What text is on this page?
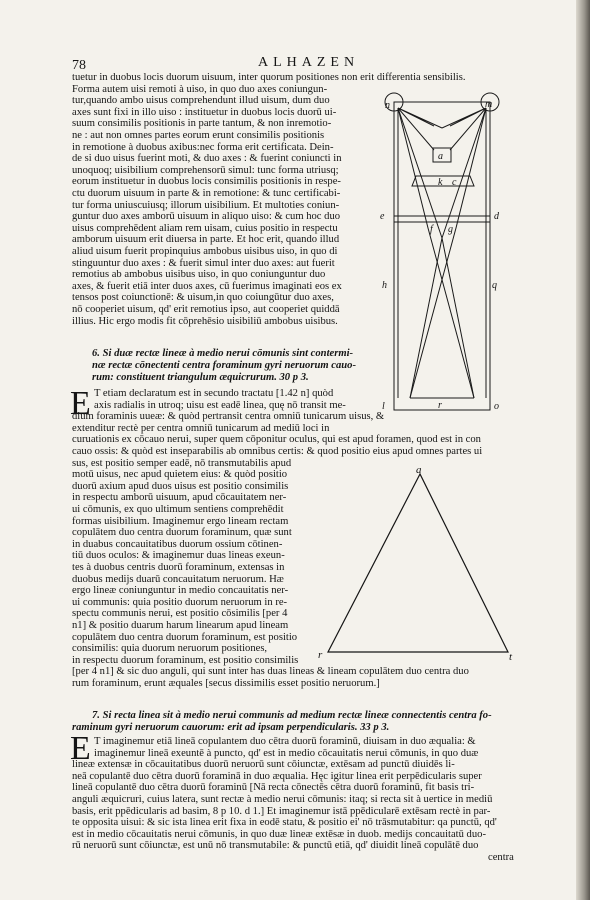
78	ALHAZEN
tuetur in duobus locis duorum uisuum, inter quorum positiones non erit differentia sensibilis.
Forma autem uisi remoti à uiso, in quo duo axes coniungun-
tur,quando ambo uisus comprehendunt illud uisum, dum duo
axes sunt fixi in illo uiso : instituetur in duobus locis duorū ui-
suum consimilis positionis in parte tantum, & non inremotio-
ne : aut non omnes partes eorum erunt consimilis positionis
in remotione à duobus axibus:nec forma erit certificata. Dein-
de si duo uisus fuerint moti, & duo axes : & fuerint coniuncti in
unoquoq; uisibilium comprehensorū simul: tunc forma utriusq;
eorum instituetur in duobus locis consimilis positionis in respe-
ctu duorum uisuum in parte & in remotione: & tunc certificabi-
tur forma uniuscuiusq; illorum uisibilium. Et multoties coniun-
guntur duo axes amborū uisuum in aliquo uiso: & cum hoc duo
uisus comprehēdent aliam rem uisam, cuius positio in respectu
amborum uisuum erit diuersa in parte. Et hoc erit, quando illud
aliud uisum fuerit propinquius ambobus uisibus uiso, in quo di
stinguuntur duo axes : & fuerit simul inter duo axes: aut fuerit
remotius ab ambobus uisibus uiso, in quo coniunguntur duo
axes, & fuerit etiā inter duos axes, cū fuerimus imaginati eos ex
tensos post coiunctionē: & uisum,in quo coiungūtur duo axes,
nō cooperiet uisum, qd' erit remotius ipso, aut cooperiet quiddā
illius. Hic ergo modis fit cōprehēsio uisibiliū ambobus uisibus.
6. Si duæ rectæ lineæ à medio nerui cōmunis sint contermi-
næ rectæ cōnectenti centra foraminum gyri neruorum cauo-
rum: constituent triangulum æquicrurum. 30 p 3.
E T etiam declaratum est in secundo tractatu [1.42 n] quòd
axis radialis in utroq; uisu est eadē linea, quę nō transit me-
dium foraminis uueæ: & quòd pertransit centra omniū tunicarum uisus, &
extenditur rectè per centra omniū tunicarum ad mediū loci in
curuationis ex cōcauo nerui, super quem cōponitur oculus, qui est apud foramen, quod est in con
cauo ossis: & quòd est inseparabilis ab omnibus certis: & quod positio eius apud omnes partes ui
sus, est positio semper eadē, nō transmutabilis apud
motū uisus, nec apud quietem eius: & quòd positio
duorū axium apud duos uisus est positio consimilis
in respectu amborū uisuum, apud cōcauitatem ner-
ui cōmunis, ex quo ultimum sentiens comprehēdit
formas uisibilium. Imaginemur ergo lineam rectam
copulātem duo centra duorum foraminum, quæ sunt
in duabus concauitatibus duorum ossium cōtinen-
tiū duos oculos: & imaginemur duas lineas exeun-
tes à duobus centris duorū foraminum, extensas in
duobus medijs duarū concauitatum neruorum. Hæ
ergo lineæ coniunguntur in medio concauitatis ner-
ui communis: quia positio duorum neruorum in re-
spectu communis nerui, est positio cōsimilis [per 4
n1] & positio duarum harum linearum apud lineam
copulātem duo centra duorum foraminum, est positio
consimilis: quia duorum neruorum positiones,
in respectu duorum foraminum, est positio consimilis
[per 4 n1] & sic duo anguli, qui sunt inter has duas lineas & lineam copulātem duo centra duo
rum foraminum, erunt æquales [secus dissimilis esset positio neruorum.]
7. Si recta linea sit à medio nerui communis ad medium rectæ lineæ connectentis centra fo-
raminum gyri neruorum cauorum: erit ad ipsam perpendicularis. 33 p 3.
E T imaginemur etiā lineā copulantem duo cētra duorū foraminū, diuisam in duo æqualia: &
imaginemur lineā exeuntē à puncto, qd' est in medio cōcauitatis nerui cōmunis, in quo duæ
lineæ extensæ in cōcauitatibus duorū neruorū sunt cōiunctæ, extēsam ad punctū diuidēs li-
neā copulantē duo cētra duorū foraminā in duo æqualia. Hęc igitur linea erit perpēdicularis super
lineā copulantē duo cētra duorū foraminū [Nā recta cōnectēs cētra duorū foraminū, fit basis tri-
anguli æquicruri, cuius latera, sunt rectæ à medio nerui cōmunis: itaq; si recta sit à uertice in mediū
basis, erit ppēdicularis ad basim, 8 p 10. d 1.] Et imaginemur istā ppēdicularē extēsam rectè in par-
te opposita uisui: & sic ista linea erit fixa in eodē statu, & positio ei' nō trāsmutabitur: qa punctū, qd'
est in medio cōcauitatis nerui cōmunis, in quo duæ lineæ extēsæ in duob. medijs concauitatū duo-
rū neruorū sunt cōiunctæ, est unū nō transmutabile: & punctū etiā, qd' diuidit lineā copulātē duo
centra
n	m
a
k c
e	d
f g
h	q
l	r	o
a
r	t
